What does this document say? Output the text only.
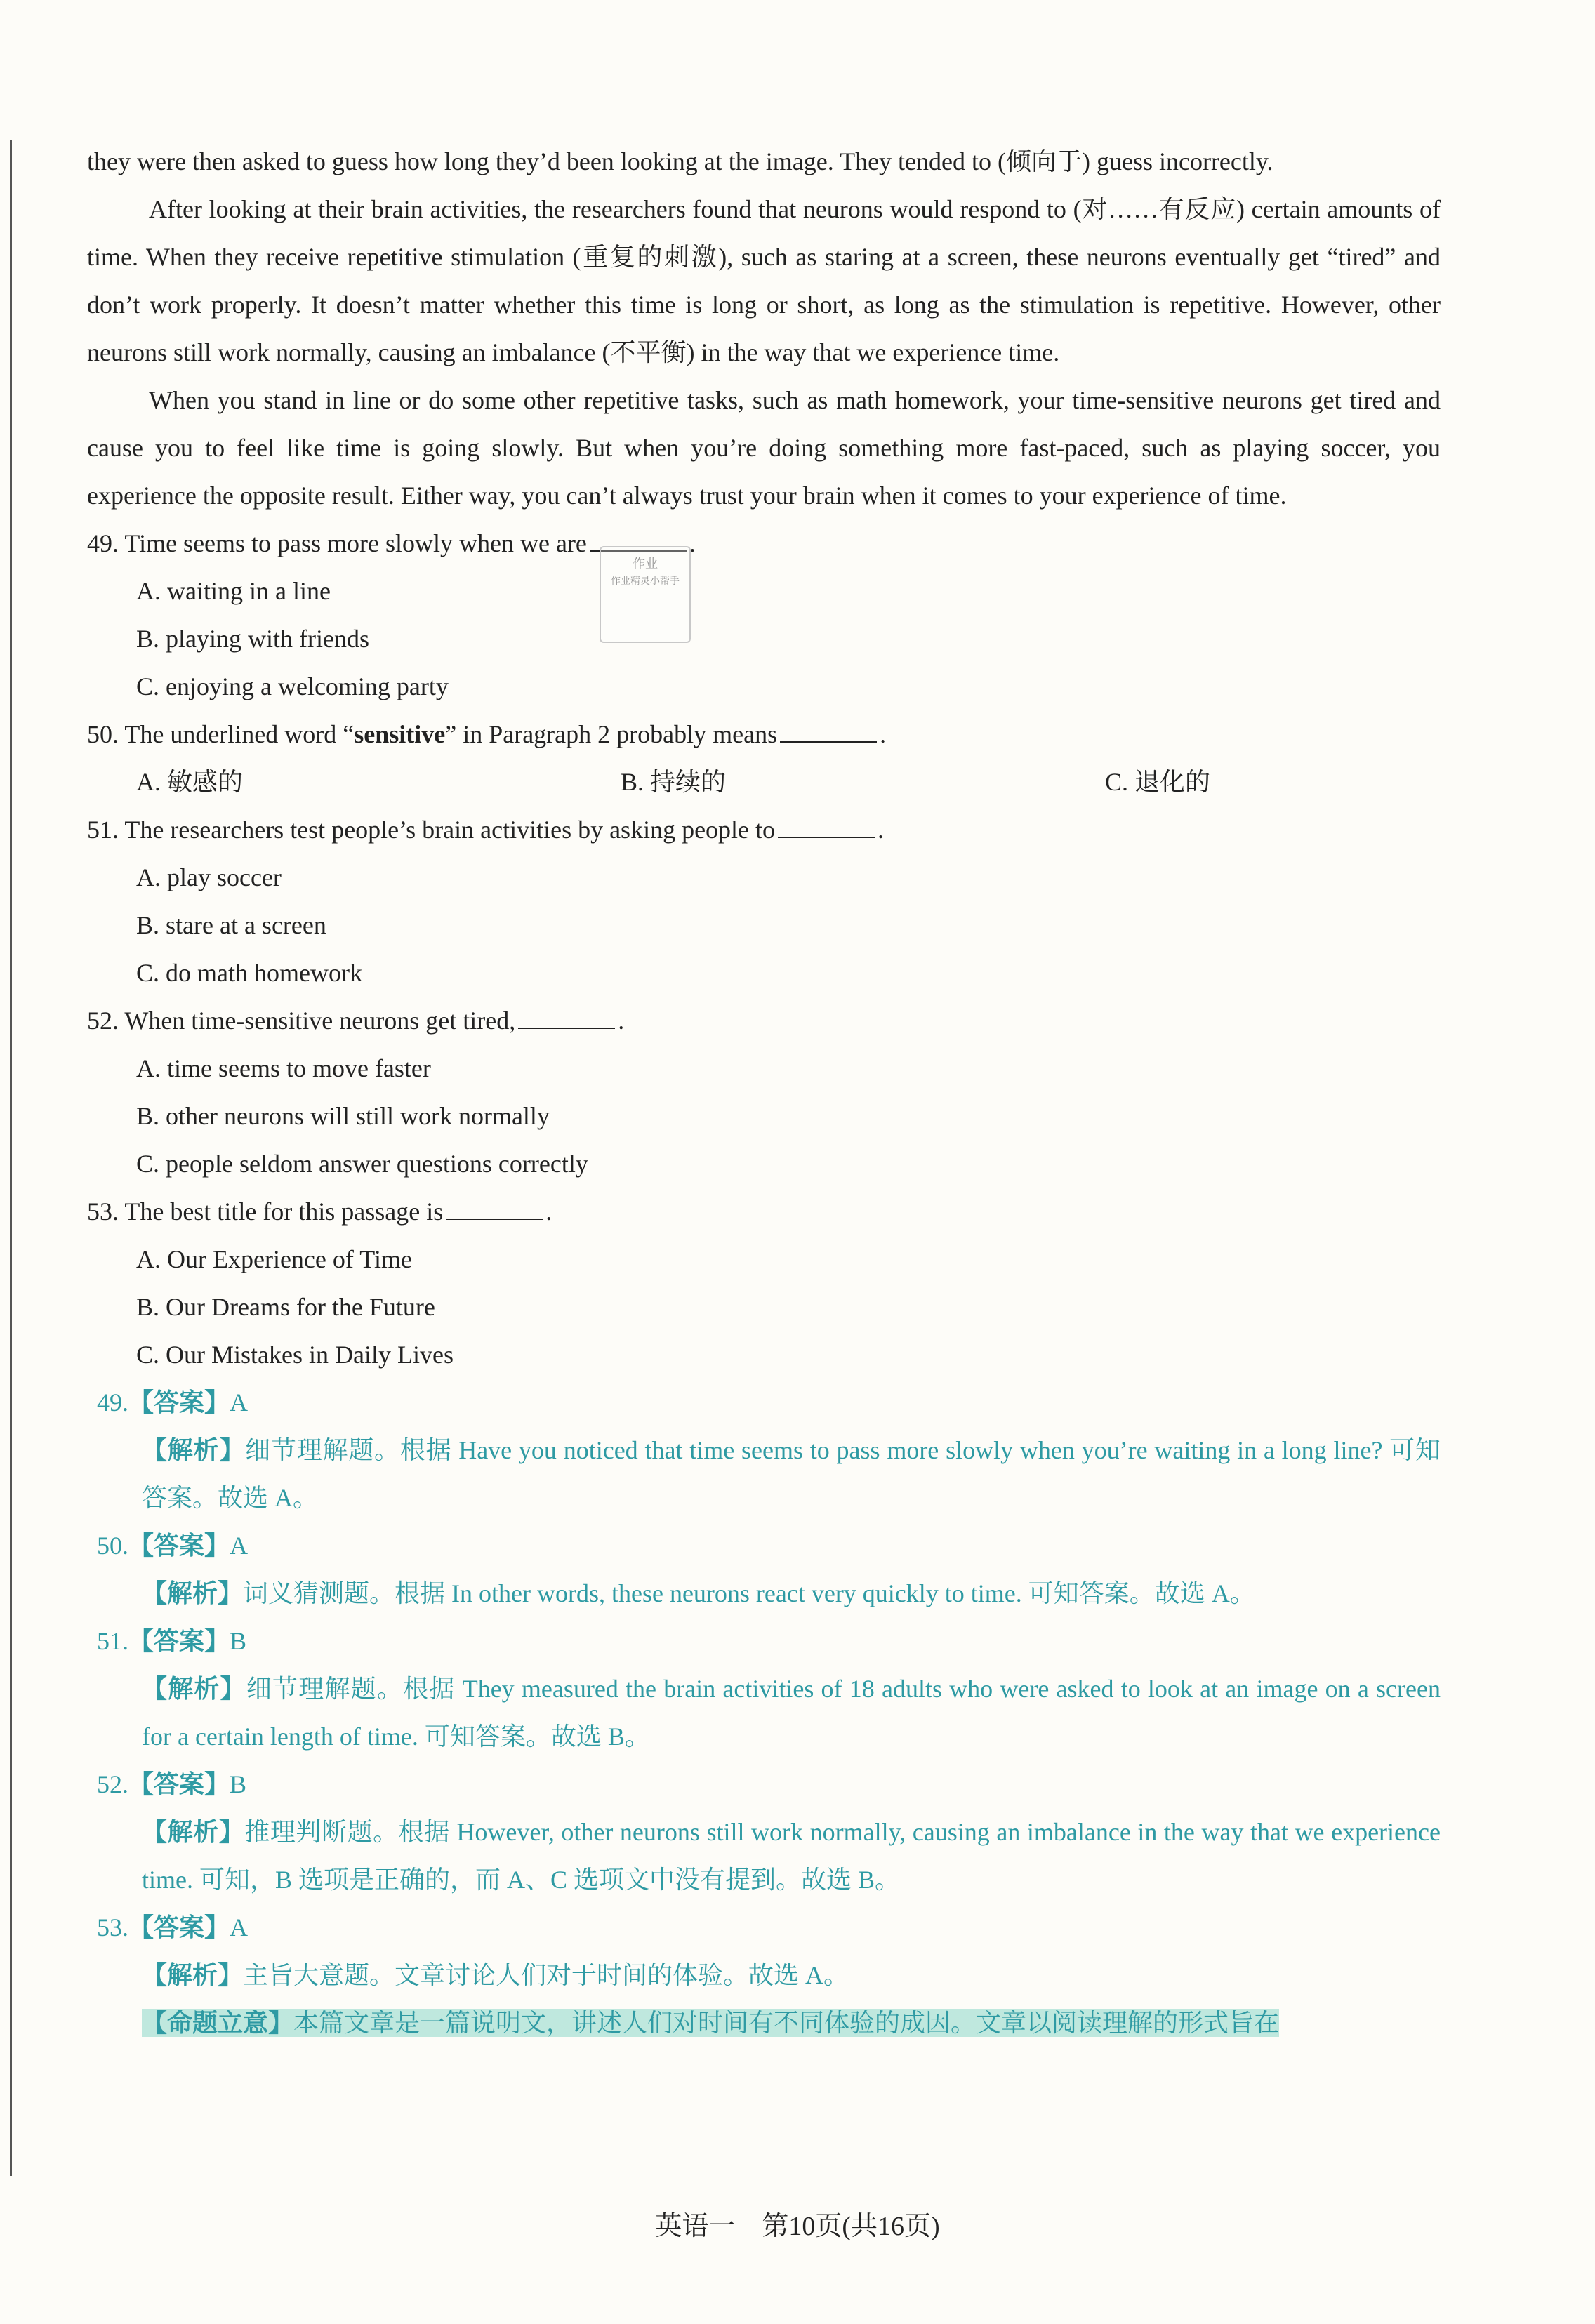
they were then asked to guess how long they’d been looking at the image. They tended to (倾向于) guess incorrectly.

After looking at their brain activities, the researchers found that neurons would respond to (对……有反应) certain amounts of time. When they receive repetitive stimulation (重复的刺激), such as staring at a screen, these neurons eventually get “tired” and don’t work properly. It doesn’t matter whether this time is long or short, as long as the stimulation is repetitive. However, other neurons still work normally, causing an imbalance (不平衡) in the way that we experience time.

When you stand in line or do some other repetitive tasks, such as math homework, your time-sensitive neurons get tired and cause you to feel like time is going slowly. But when you’re doing something more fast-paced, such as playing soccer, you experience the opposite result. Either way, you can’t always trust your brain when it comes to your experience of time.

49. Time seems to pass more slowly when we are	.

A. waiting in a line

B. playing with friends

C. enjoying a welcoming party

50. The underlined word “sensitive” in Paragraph 2 probably means	.

A. 敏感的	B. 持续的	C. 退化的

51. The researchers test people’s brain activities by asking people to	.

A. play soccer

B. stare at a screen

C. do math homework

52. When time-sensitive neurons get tired,	.

A. time seems to move faster

B. other neurons will still work normally

C. people seldom answer questions correctly

53. The best title for this passage is	.

A. Our Experience of Time

B. Our Dreams for the Future

C. Our Mistakes in Daily Lives

49.【答案】A

【解析】细节理解题。根据 Have you noticed that time seems to pass more slowly when you’re waiting in a long line? 可知答案。故选 A。

50.【答案】A

【解析】词义猜测题。根据 In other words, these neurons react very quickly to time. 可知答案。故选 A。

51.【答案】B

【解析】细节理解题。根据 They measured the brain activities of 18 adults who were asked to look at an image on a screen for a certain length of time. 可知答案。故选 B。

52.【答案】B

【解析】推理判断题。根据 However, other neurons still work normally, causing an imbalance in the way that we experience time. 可知，B 选项是正确的，而 A、C 选项文中没有提到。故选 B。

53.【答案】A

【解析】主旨大意题。文章讨论人们对于时间的体验。故选 A。

【命题立意】本篇文章是一篇说明文，讲述人们对时间有不同体验的成因。文章以阅读理解的形式旨在

作业
作业精灵小帮手
英语一　第10页(共16页)
